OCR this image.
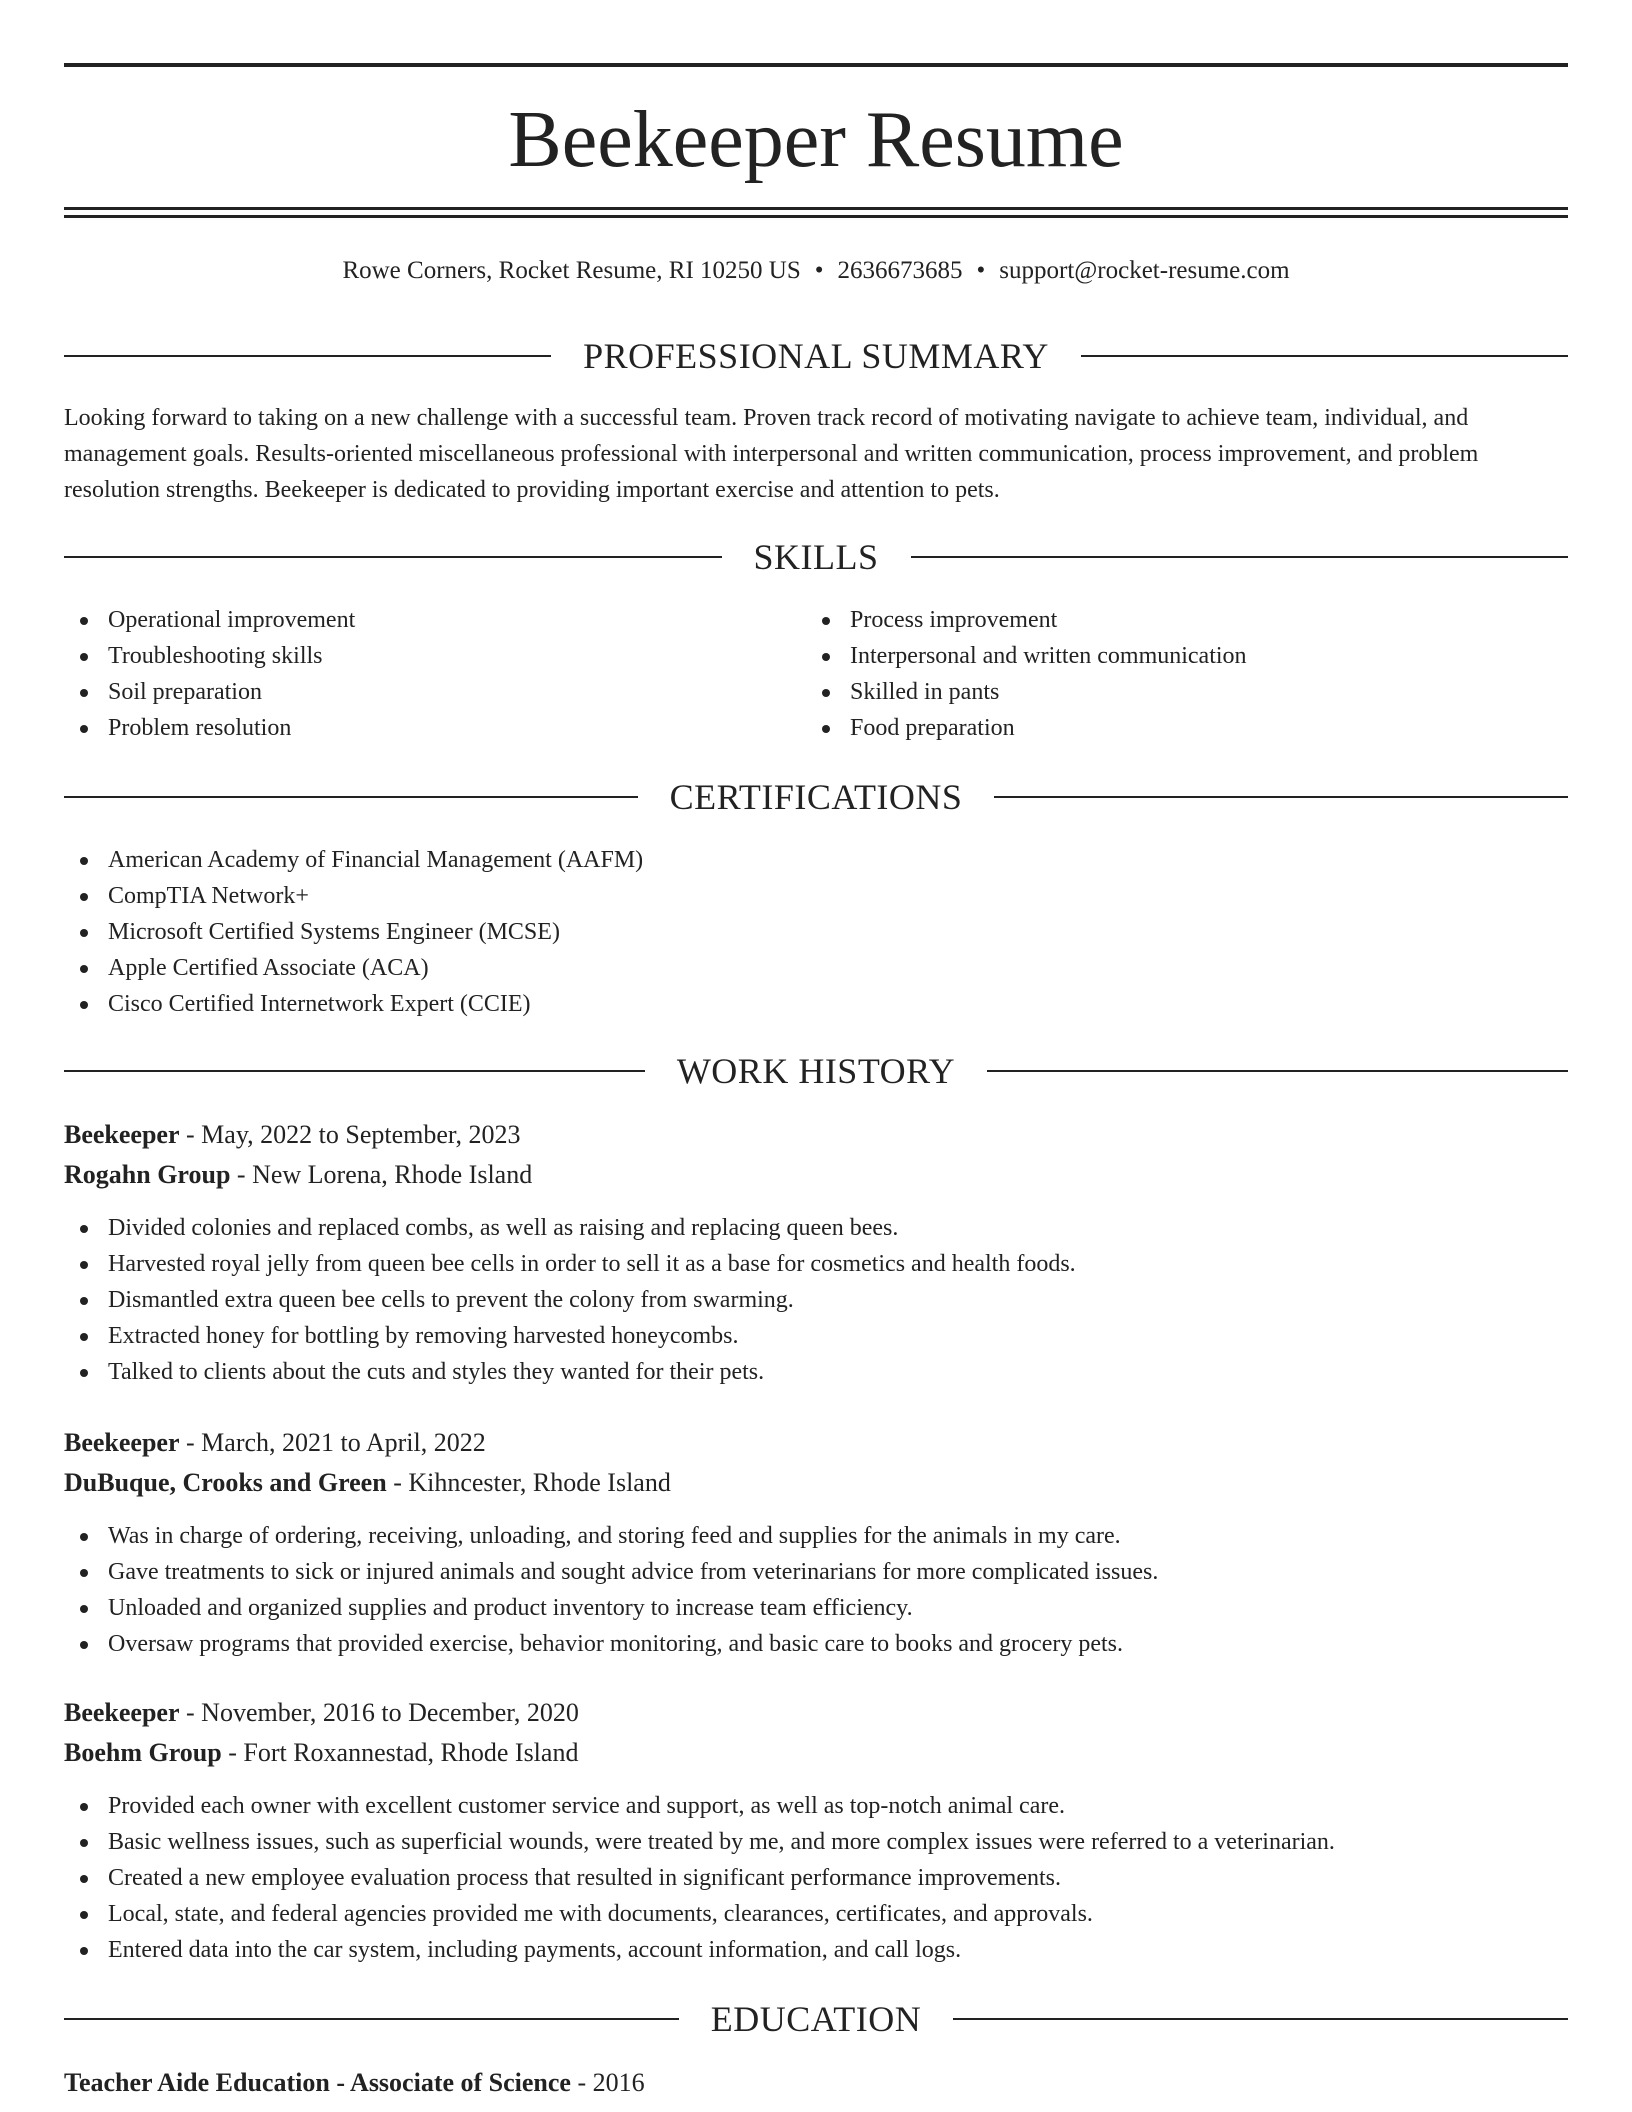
Beekeeper Resume
Rowe Corners, Rocket Resume, RI 10250 US • 2636673685 • support@rocket-resume.com
PROFESSIONAL SUMMARY

Looking forward to taking on a new challenge with a successful team. Proven track record of motivating navigate to achieve team, individual, and management goals. Results-oriented miscellaneous professional with interpersonal and written communication, process improvement, and problem resolution strengths. Beekeeper is dedicated to providing important exercise and attention to pets.

SKILLS
Operational improvement
Troubleshooting skills
Soil preparation
Problem resolution
Process improvement
Interpersonal and written communication
Skilled in pants
Food preparation
CERTIFICATIONS
American Academy of Financial Management (AAFM)
CompTIA Network+
Microsoft Certified Systems Engineer (MCSE)
Apple Certified Associate (ACA)
Cisco Certified Internetwork Expert (CCIE)
WORK HISTORY
Beekeeper - May, 2022 to September, 2023
Rogahn Group - New Lorena, Rhode Island
Divided colonies and replaced combs, as well as raising and replacing queen bees.
Harvested royal jelly from queen bee cells in order to sell it as a base for cosmetics and health foods.
Dismantled extra queen bee cells to prevent the colony from swarming.
Extracted honey for bottling by removing harvested honeycombs.
Talked to clients about the cuts and styles they wanted for their pets.
Beekeeper - March, 2021 to April, 2022
DuBuque, Crooks and Green - Kihncester, Rhode Island
Was in charge of ordering, receiving, unloading, and storing feed and supplies for the animals in my care.
Gave treatments to sick or injured animals and sought advice from veterinarians for more complicated issues.
Unloaded and organized supplies and product inventory to increase team efficiency.
Oversaw programs that provided exercise, behavior monitoring, and basic care to books and grocery pets.
Beekeeper - November, 2016 to December, 2020
Boehm Group - Fort Roxannestad, Rhode Island
Provided each owner with excellent customer service and support, as well as top-notch animal care.
Basic wellness issues, such as superficial wounds, were treated by me, and more complex issues were referred to a veterinarian.
Created a new employee evaluation process that resulted in significant performance improvements.
Local, state, and federal agencies provided me with documents, clearances, certificates, and approvals.
Entered data into the car system, including payments, account information, and call logs.
EDUCATION
Teacher Aide Education - Associate of Science - 2016
